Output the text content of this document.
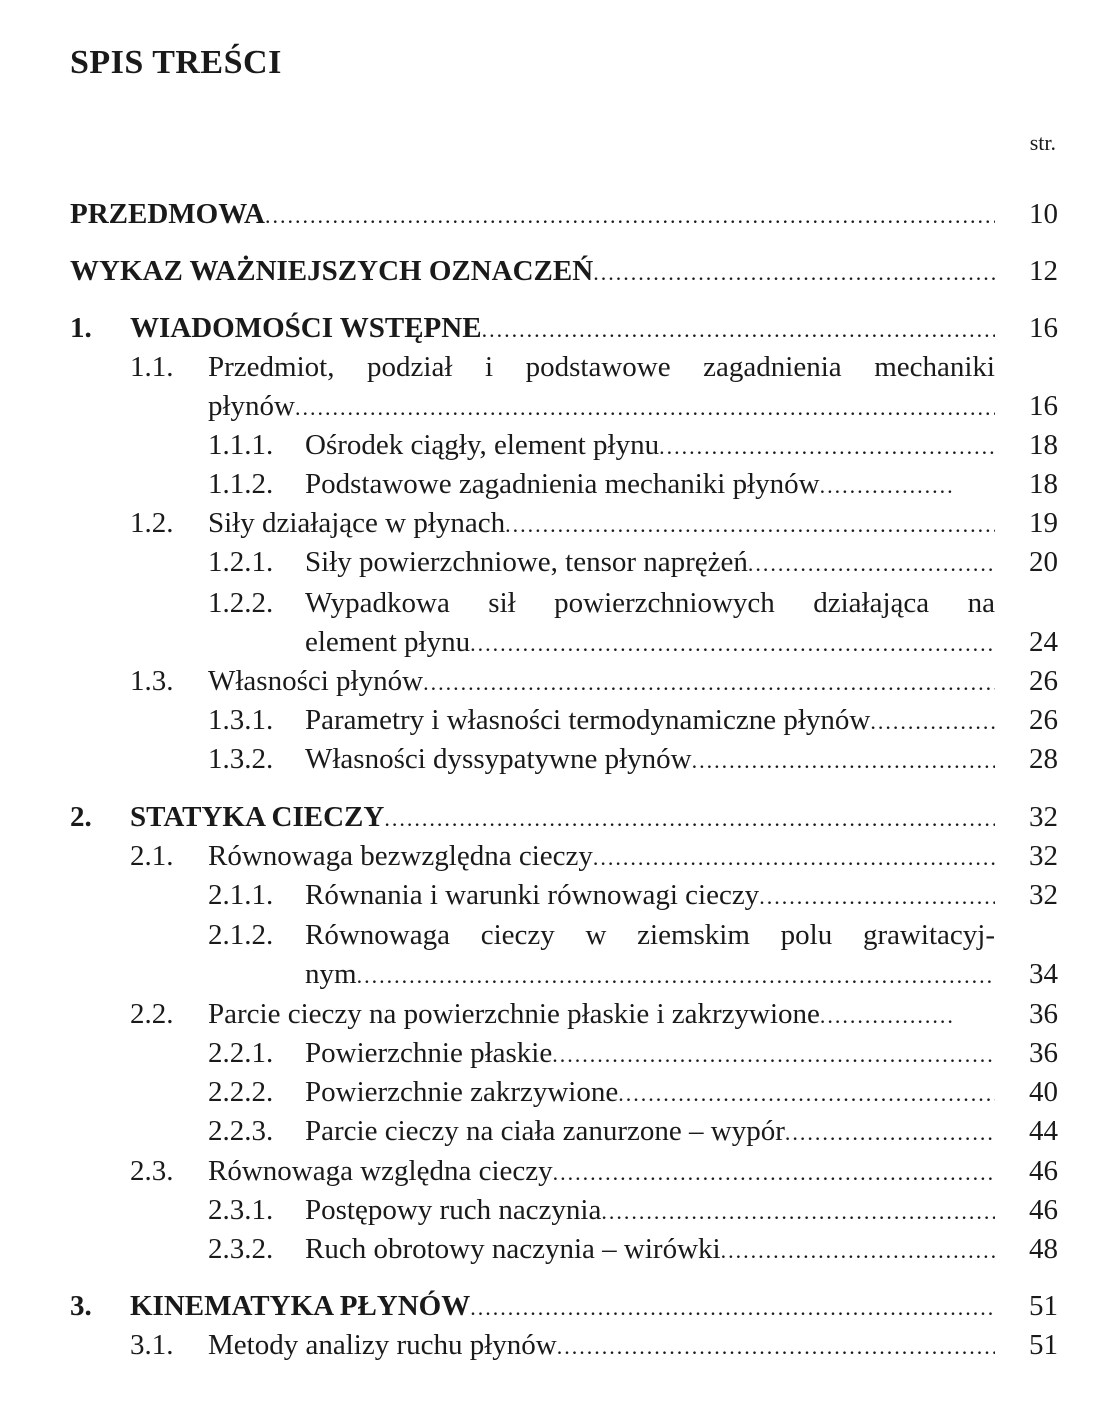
SPIS TREŚCI
str.
PRZEDMOWA .....	10
WYKAZ WAŻNIEJSZYCH OZNACZEŃ .....	12
1. WIADOMOŚCI WSTĘPNE .....	16
1.1. Przedmiot, podział i podstawowe zagadnienia mechaniki
płynów .....	16
1.1.1. Ośrodek ciągły, element płynu .....	18
1.1.2. Podstawowe zagadnienia mechaniki płynów .....	18
1.2. Siły działające w płynach .....	19
1.2.1. Siły powierzchniowe, tensor naprężeń .....	20
1.2.2. Wypadkowa sił powierzchniowych działająca na
element płynu .....	24
1.3. Własności płynów .....	26
1.3.1. Parametry i własności termodynamiczne płynów .....	26
1.3.2. Własności dyssypatywne płynów .....	28
2. STATYKA CIECZY .....	32
2.1. Równowaga bezwzględna cieczy .....	32
2.1.1. Równania i warunki równowagi cieczy .....	32
2.1.2. Równowaga cieczy w ziemskim polu grawitacyj-
nym .....	34
2.2. Parcie cieczy na powierzchnie płaskie i zakrzywione .....	36
2.2.1. Powierzchnie płaskie .....	36
2.2.2. Powierzchnie zakrzywione .....	40
2.2.3. Parcie cieczy na ciała zanurzone – wypór .....	44
2.3. Równowaga względna cieczy .....	46
2.3.1. Postępowy ruch naczynia .....	46
2.3.2. Ruch obrotowy naczynia – wirówki .....	48
3. KINEMATYKA PŁYNÓW .....	51
3.1. Metody analizy ruchu płynów .....	51
